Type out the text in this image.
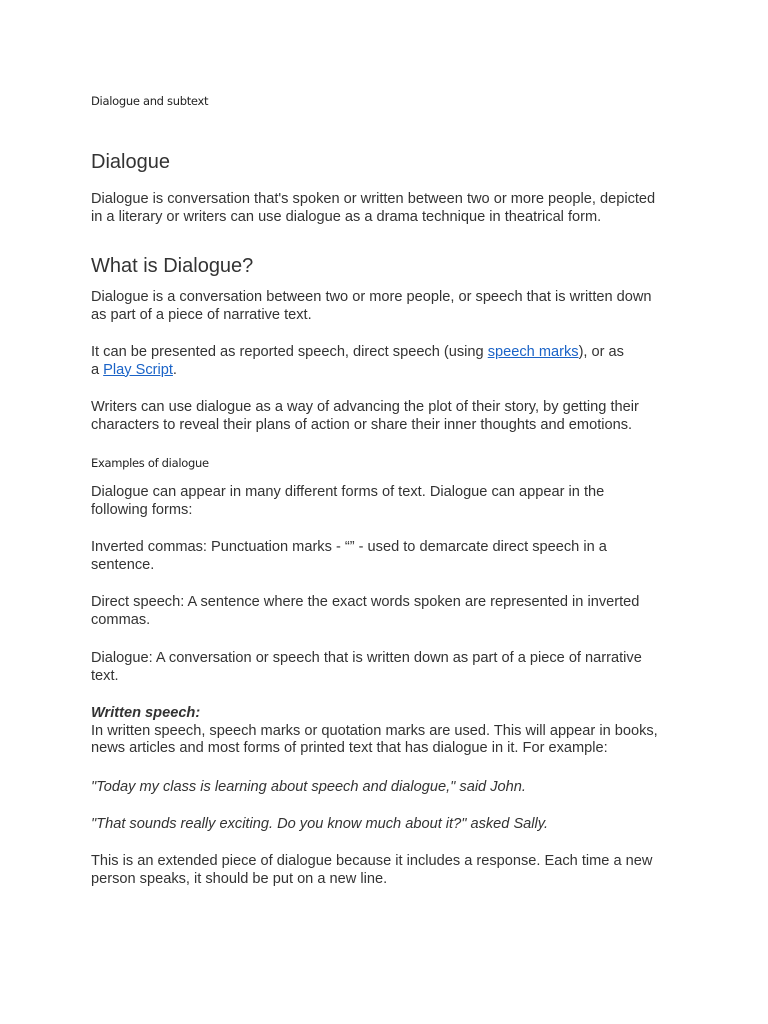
Dialogue and subtext

Dialogue

Dialogue is conversation that's spoken or written between two or more people, depicted
in a literary or writers can use dialogue as a drama technique in theatrical form.

What is Dialogue?

Dialogue is a conversation between two or more people, or speech that is written down
as part of a piece of narrative text.

It can be presented as reported speech, direct speech (using speech marks), or as
a Play Script.

Writers can use dialogue as a way of advancing the plot of their story, by getting their
characters to reveal their plans of action or share their inner thoughts and emotions.

Examples of dialogue

Dialogue can appear in many different forms of text. Dialogue can appear in the
following forms:

Inverted commas: Punctuation marks - “” - used to demarcate direct speech in a
sentence.

Direct speech: A sentence where the exact words spoken are represented in inverted
commas.

Dialogue: A conversation or speech that is written down as part of a piece of narrative
text.

Written speech:
In written speech, speech marks or quotation marks are used. This will appear in books,
news articles and most forms of printed text that has dialogue in it. For example:

"Today my class is learning about speech and dialogue," said John.

"That sounds really exciting. Do you know much about it?" asked Sally.

This is an extended piece of dialogue because it includes a response. Each time a new
person speaks, it should be put on a new line.
